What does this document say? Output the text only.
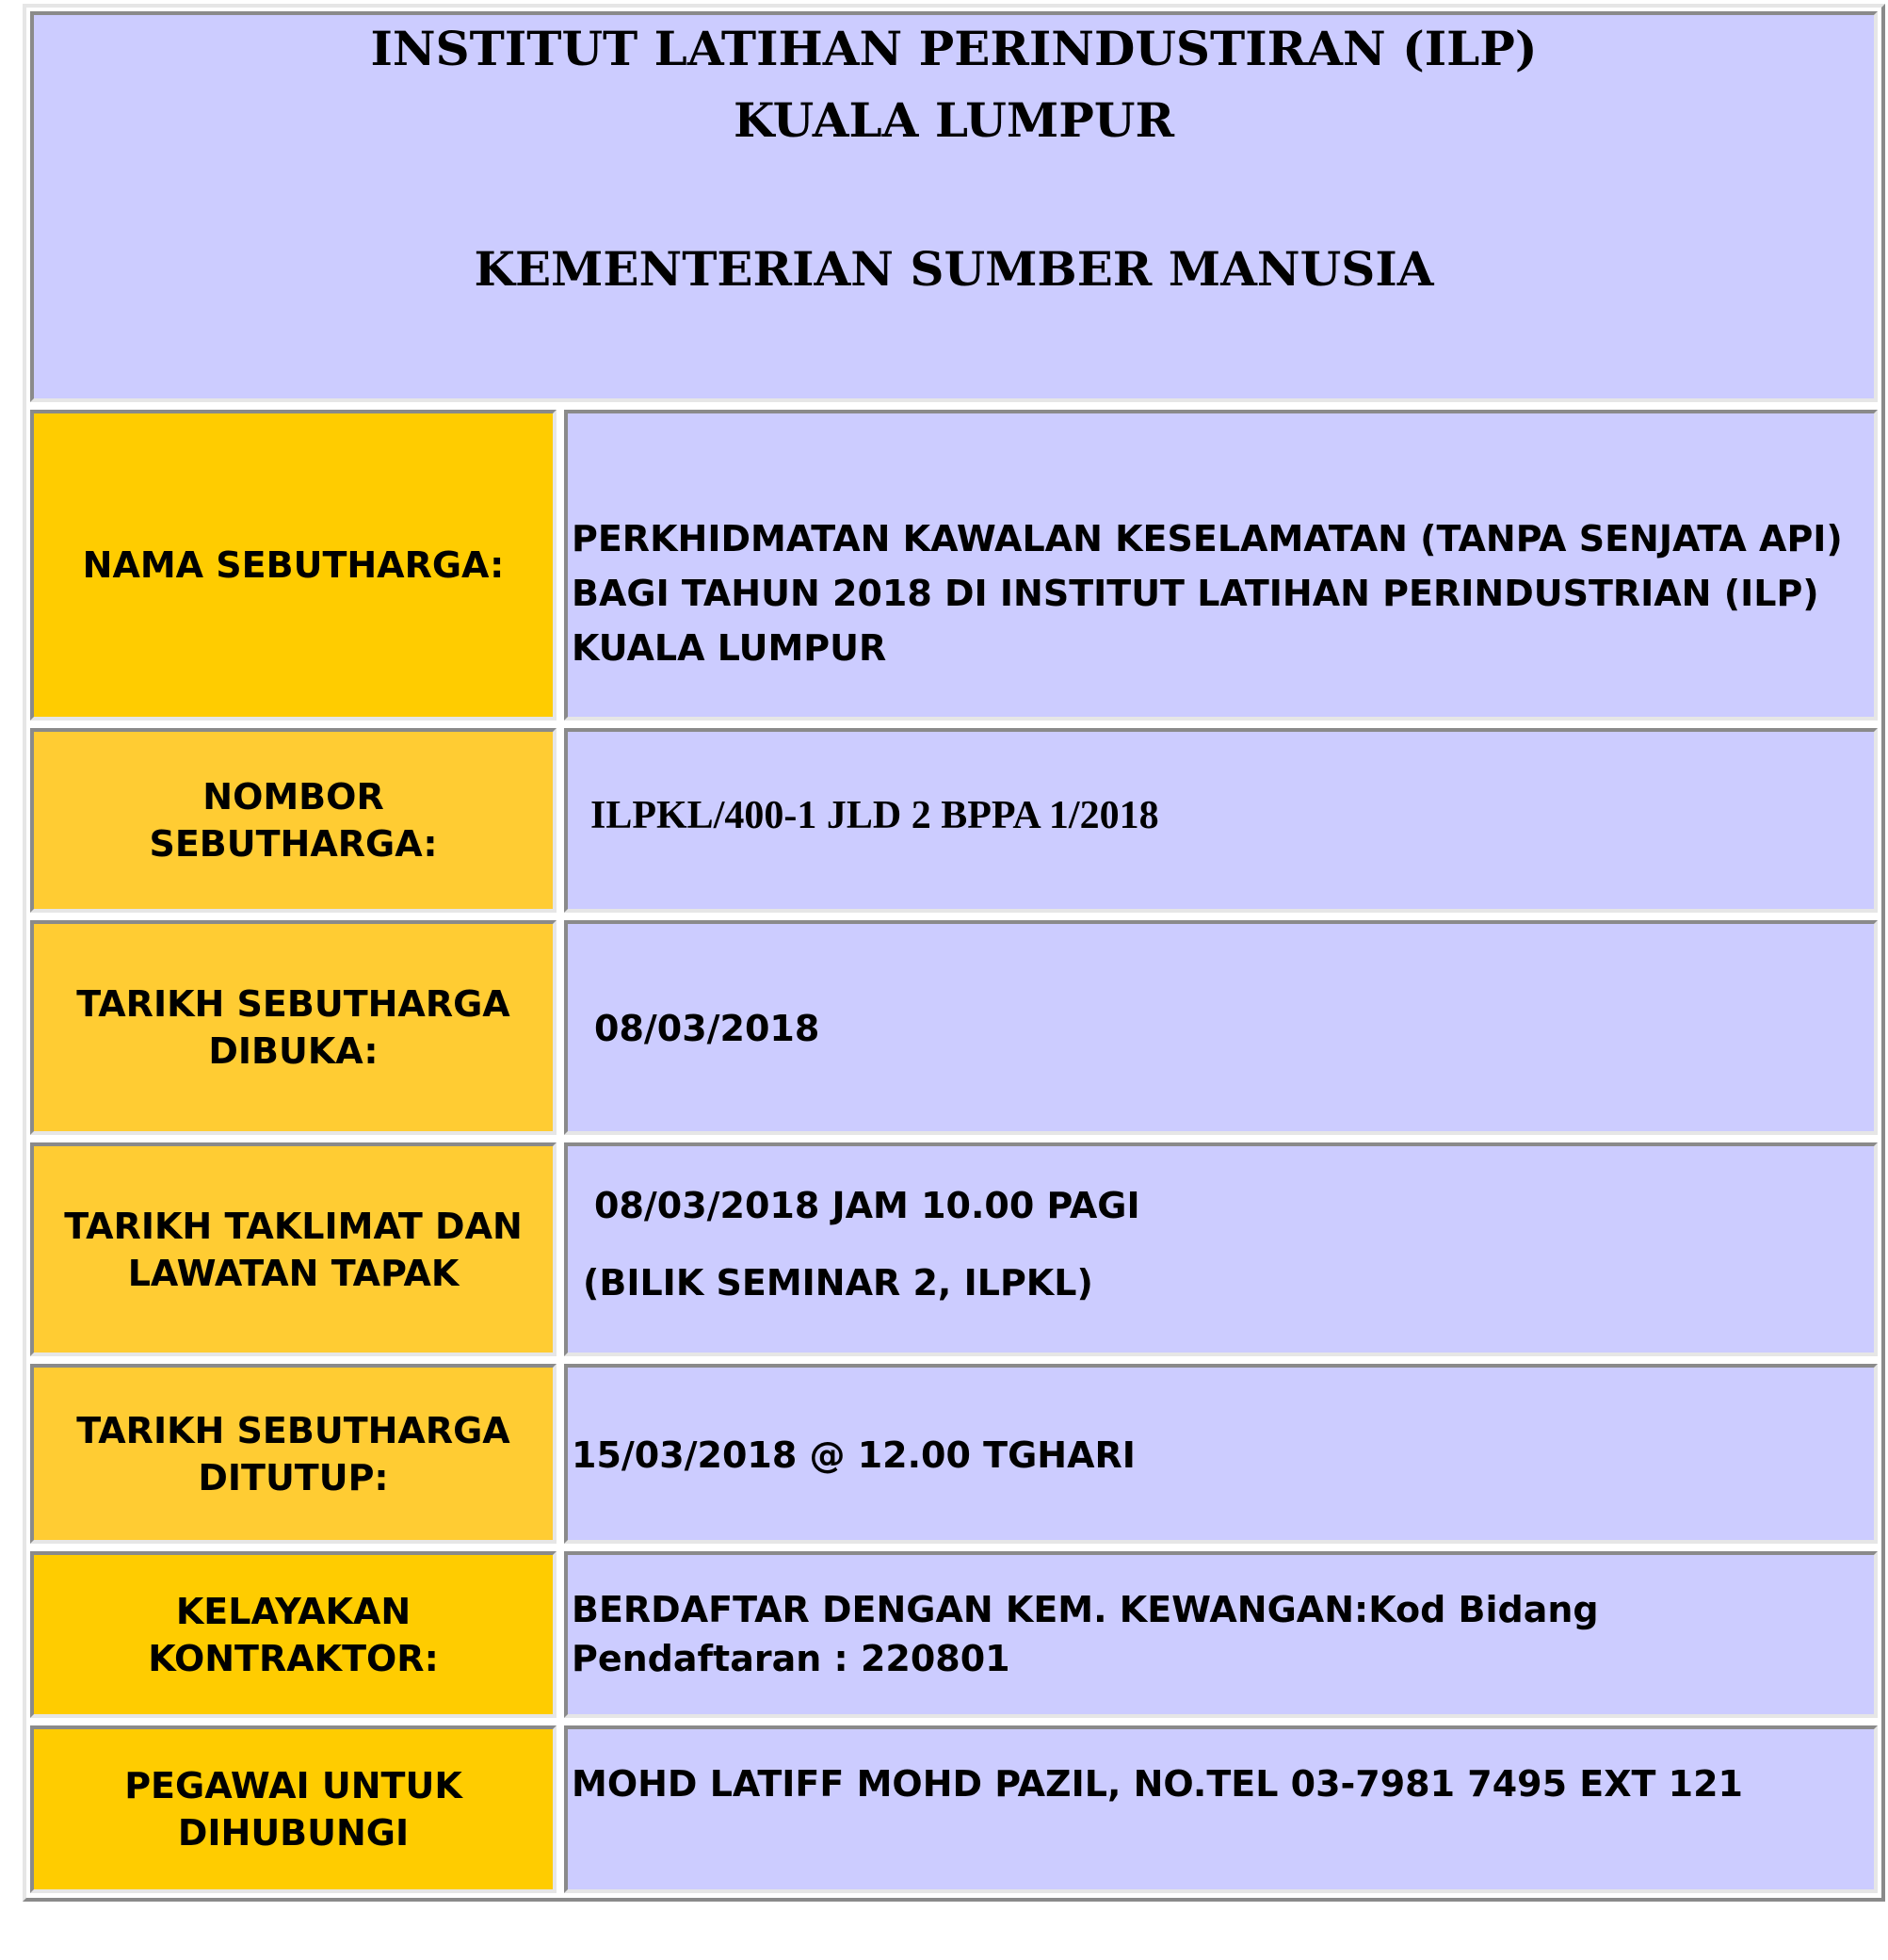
INSTITUT LATIHAN PERINDUSTIRAN (ILP)
KUALA LUMPUR
KEMENTERIAN SUMBER MANUSIA
NAMA SEBUTHARGA:
PERKHIDMATAN KAWALAN KESELAMATAN (TANPA SENJATA API) BAGI TAHUN 2018 DI INSTITUT LATIHAN PERINDUSTRIAN (ILP) KUALA LUMPUR
NOMBOR SEBUTHARGA:
ILPKL/400-1 JLD 2 BPPA 1/2018
TARIKH SEBUTHARGA DIBUKA:
08/03/2018
TARIKH TAKLIMAT DAN LAWATAN TAPAK
08/03/2018 JAM 10.00 PAGI
(BILIK SEMINAR 2, ILPKL)
TARIKH SEBUTHARGA DITUTUP:
15/03/2018 @ 12.00 TGHARI
KELAYAKAN KONTRAKTOR:
BERDAFTAR DENGAN KEM. KEWANGAN:Kod Bidang Pendaftaran : 220801
PEGAWAI UNTUK DIHUBUNGI
MOHD LATIFF MOHD PAZIL, NO.TEL 03-7981 7495 EXT 121
